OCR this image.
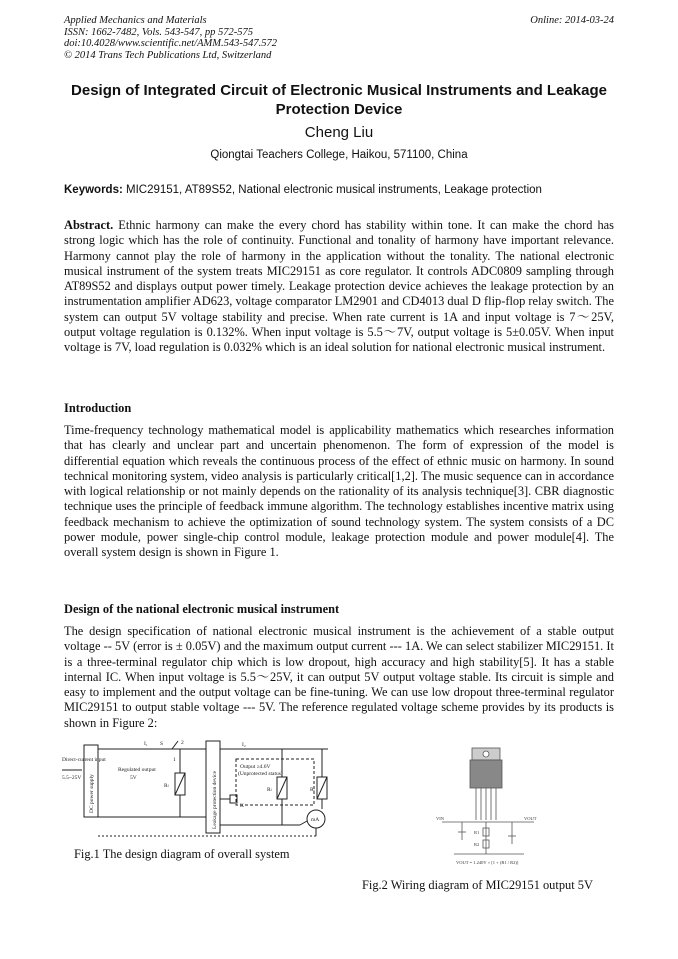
Applied Mechanics and Materials
ISSN: 1662-7482, Vols. 543-547, pp 572-575
doi:10.4028/www.scientific.net/AMM.543-547.572
© 2014 Trans Tech Publications Ltd, Switzerland
Online: 2014-03-24
Design of Integrated Circuit of Electronic Musical Instruments and Leakage Protection Device
Cheng Liu
Qiongtai Teachers College, Haikou, 571100, China
Keywords: MIC29151, AT89S52, National electronic musical instruments, Leakage protection
Abstract. Ethnic harmony can make the every chord has stability within tone. It can make the chord has strong logic which has the role of continuity. Functional and tonality of harmony have important relevance. Harmony cannot play the role of harmony in the application without the tonality. The national electronic musical instrument of the system treats MIC29151 as core regulator. It controls ADC0809 sampling through AT89S52 and displays output power timely. Leakage protection device achieves the leakage protection by an instrumentation amplifier AD623, voltage comparator LM2901 and CD4013 dual D flip-flop relay switch. The system can output 5V voltage stability and precise. When rate current is 1A and input voltage is 7～25V, output voltage regulation is 0.132%. When input voltage is 5.5～7V, output voltage is 5±0.05V. When input voltage is 7V, load regulation is 0.032% which is an ideal solution for national electronic musical instrument.
Introduction
Time-frequency technology mathematical model is applicability mathematics which researches information that has clearly and unclear part and uncertain phenomenon. The form of expression of the model is differential equation which reveals the continuous process of the effect of ethnic music on harmony. In sound technical monitoring system, video analysis is particularly critical[1,2]. The music sequence can in accordance with logical relationship or not mainly depends on the rationality of its analysis technique[3]. CBR diagnostic technique uses the principle of feedback immune algorithm. The technology establishes incentive matrix using feedback mechanism to achieve the optimization of sound technology system. The system consists of a DC power module, power single-chip control module, leakage protection module and power module[4]. The overall system design is shown in Figure 1.
Design of the national electronic musical instrument
The design specification of national electronic musical instrument is the achievement of a stable output voltage -- 5V (error is ± 0.05V) and the maximum output current --- 1A. We can select stabilizer MIC29151. It is a three-terminal regulator chip which is low dropout, high accuracy and high stability[5]. It has a stable internal IC. When input voltage is 5.5～25V, it can output 5V output voltage stable. Its circuit is simple and easy to implement and the output voltage can be fine-tuning. We can use low dropout three-terminal regulator MIC29151 to output stable voltage --- 5V. The reference regulated voltage scheme provides by its products is shown in Figure 2:
Direct-current input
5.5~25V DC power supply
I₁ S	2
1
Regulated output
5V
Rₗ	Leakage protection device
I₂
Output ≥4.6V
(Unprotected status)
Rₗ	Rᵢ
K
mA
Fig.1 The design diagram of overall system
VIN	VOUT
R1
R2
VOUT = 1.240V × [1 + (R1 / R2)]
Fig.2 Wiring diagram of MIC29151 output 5V
